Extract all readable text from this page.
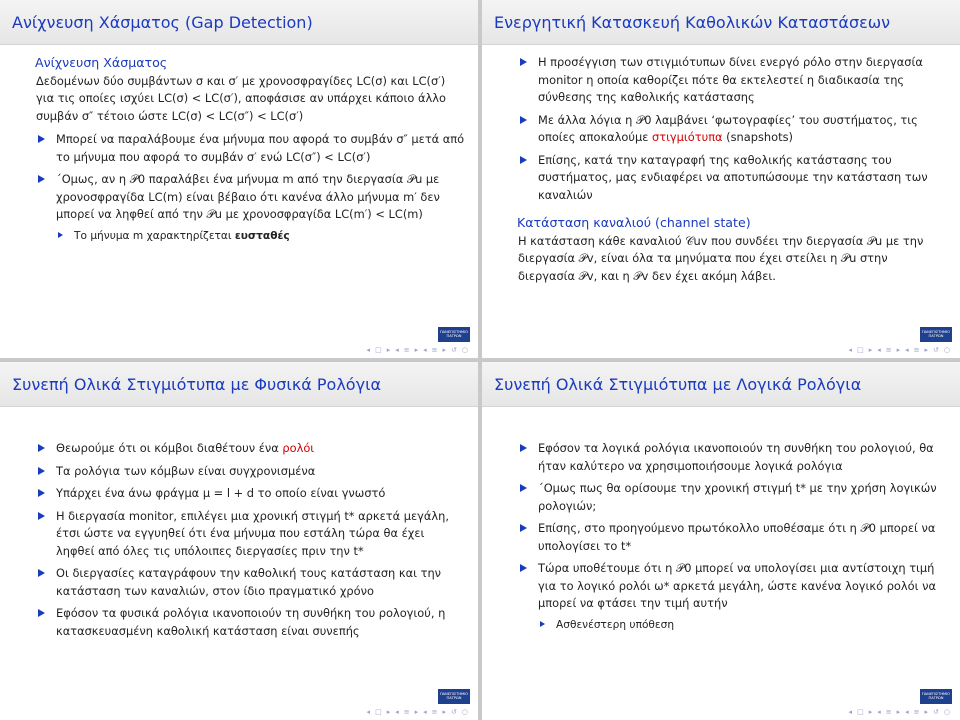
Ανίχνευση Χάσματος (Gap Detection)
Ανίχνευση Χάσματος
Δεδομένων δύο συμβάντων σ και σ′ με χρονοσφραγίδες LC(σ) και LC(σ′) για τις οποίες ισχύει LC(σ) < LC(σ′), αποφάσισε αν υπάρχει κάποιο άλλο συμβάν σ″ τέτοιο ώστε LC(σ) < LC(σ″) < LC(σ′)
Μπορεί να παραλάβουμε ένα μήνυμα που αφορά το συμβάν σ″ μετά από το μήνυμα που αφορά το συμβάν σ′ ενώ LC(σ″) < LC(σ′)
΄Ομως, αν η 𝒫0 παραλάβει ένα μήνυμα m από την διεργασία 𝒫u με χρονοσφραγίδα LC(m) είναι βέβαιο ότι κανένα άλλο μήνυμα m′ δεν μπορεί να ληφθεί από την 𝒫u με χρονοσφραγίδα LC(m′) < LC(m)
Το μήνυμα m χαρακτηρίζεται ευσταθές
ΠΑΝΕΠΙΣΤΗΜΙΟ ΠΑΤΡΩΝ
◂ □ ▸ ◂ ≡ ▸ ◂ ≡ ▸ ↺ ○
Ενεργητική Κατασκευή Καθολικών Καταστάσεων
Η προσέγγιση των στιγμιότυπων δίνει ενεργό ρόλο στην διεργασία monitor η οποία καθορίζει πότε θα εκτελεστεί η διαδικασία της σύνθεσης της καθολικής κατάστασης
Με άλλα λόγια η 𝒫0 λαμβάνει ‘φωτογραφίες’ του συστήματος, τις οποίες αποκαλούμε στιγμιότυπα (snapshots)
Επίσης, κατά την καταγραφή της καθολικής κατάστασης του συστήματος, μας ενδιαφέρει να αποτυπώσουμε την κατάσταση των καναλιών
Κατάσταση καναλιού (channel state)
Η κατάσταση κάθε καναλιού 𝒞uv που συνδέει την διεργασία 𝒫u με την διεργασία 𝒫v, είναι όλα τα μηνύματα που έχει στείλει η 𝒫u στην διεργασία 𝒫v, και η 𝒫v δεν έχει ακόμη λάβει.
ΠΑΝΕΠΙΣΤΗΜΙΟ ΠΑΤΡΩΝ
◂ □ ▸ ◂ ≡ ▸ ◂ ≡ ▸ ↺ ○
Συνεπή Ολικά Στιγμιότυπα με Φυσικά Ρολόγια
Θεωρούμε ότι οι κόμβοι διαθέτουν ένα ρολόι
Τα ρολόγια των κόμβων είναι συγχρονισμένα
Υπάρχει ένα άνω φράγμα μ = l + d το οποίο είναι γνωστό
Η διεργασία monitor, επιλέγει μια χρονική στιγμή t* αρκετά μεγάλη, έτσι ώστε να εγγυηθεί ότι ένα μήνυμα που εστάλη τώρα θα έχει ληφθεί από όλες τις υπόλοιπες διεργασίες πριν την t*
Οι διεργασίες καταγράφουν την καθολική τους κατάσταση και την κατάσταση των καναλιών, στον ίδιο πραγματικό χρόνο
Εφόσον τα φυσικά ρολόγια ικανοποιούν τη συνθήκη του ρολογιού, η κατασκευασμένη καθολική κατάσταση είναι συνεπής
ΠΑΝΕΠΙΣΤΗΜΙΟ ΠΑΤΡΩΝ
◂ □ ▸ ◂ ≡ ▸ ◂ ≡ ▸ ↺ ○
Συνεπή Ολικά Στιγμιότυπα με Λογικά Ρολόγια
Εφόσον τα λογικά ρολόγια ικανοποιούν τη συνθήκη του ρολογιού, θα ήταν καλύτερο να χρησιμοποιήσουμε λογικά ρολόγια
΄Ομως πως θα ορίσουμε την χρονική στιγμή t* με την χρήση λογικών ρολογιών;
Επίσης, στο προηγούμενο πρωτόκολλο υποθέσαμε ότι η 𝒫0 μπορεί να υπολογίσει το t*
Τώρα υποθέτουμε ότι η 𝒫0 μπορεί να υπολογίσει μια αντίστοιχη τιμή για το λογικό ρολόι ω* αρκετά μεγάλη, ώστε κανένα λογικό ρολόι να μπορεί να φτάσει την τιμή αυτήν
Ασθενέστερη υπόθεση
ΠΑΝΕΠΙΣΤΗΜΙΟ ΠΑΤΡΩΝ
◂ □ ▸ ◂ ≡ ▸ ◂ ≡ ▸ ↺ ○
